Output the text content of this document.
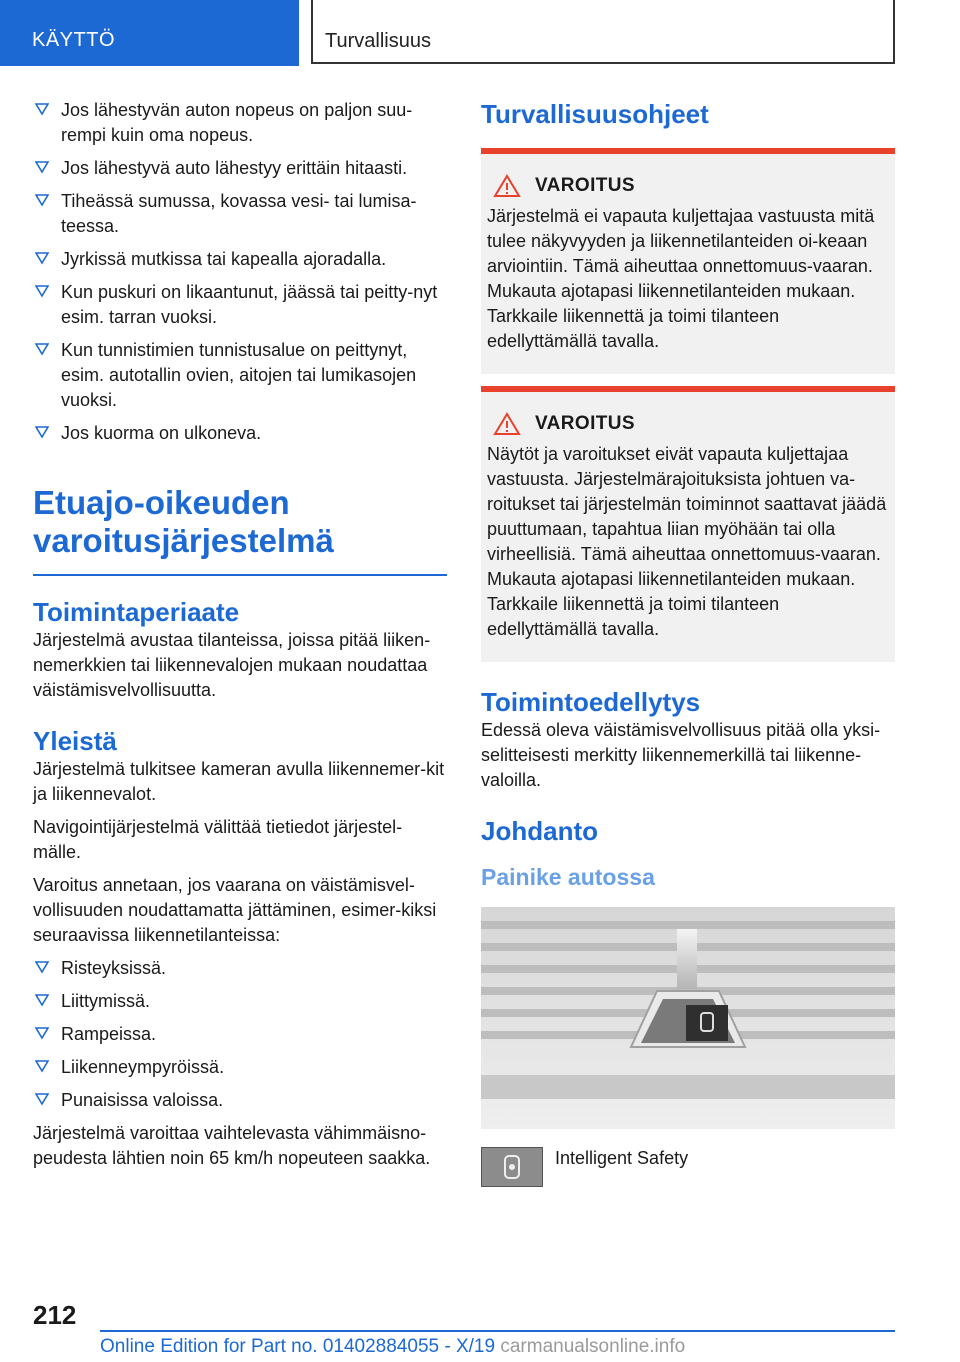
KÄYTTÖ	Turvallisuus
Jos lähestyvän auton nopeus on paljon suu-rempi kuin oma nopeus.
Jos lähestyvä auto lähestyy erittäin hitaasti.
Tiheässä sumussa, kovassa vesi- tai lumisa-teessa.
Jyrkissä mutkissa tai kapealla ajoradalla.
Kun puskuri on likaantunut, jäässä tai peitty-nyt esim. tarran vuoksi.
Kun tunnistimien tunnistusalue on peittynyt, esim. autotallin ovien, aitojen tai lumikasojen vuoksi.
Jos kuorma on ulkoneva.
Etuajo-oikeuden varoitusjärjestelmä
Toimintaperiaate
Järjestelmä avustaa tilanteissa, joissa pitää liiken-nemerkkien tai liikennevalojen mukaan noudattaa väistämisvelvollisuutta.
Yleistä
Järjestelmä tulkitsee kameran avulla liikennemer-kit ja liikennevalot.
Navigointijärjestelmä välittää tietiedot järjestel-mälle.
Varoitus annetaan, jos vaarana on väistämisvel-vollisuuden noudattamatta jättäminen, esimer-kiksi seuraavissa liikennetilanteissa:
Risteyksissä.
Liittymissä.
Rampeissa.
Liikenneympyröissä.
Punaisissa valoissa.
Järjestelmä varoittaa vaihtelevasta vähimmäisno-peudesta lähtien noin 65 km/h nopeuteen saakka.
Turvallisuusohjeet
VAROITUS
Järjestelmä ei vapauta kuljettajaa vastuusta mitä tulee näkyvyyden ja liikennetilanteiden oi-keaan arviointiin. Tämä aiheuttaa onnettomuus-vaaran. Mukauta ajotapasi liikennetilanteiden mukaan. Tarkkaile liikennettä ja toimi tilanteen edellyttämällä tavalla.
VAROITUS
Näytöt ja varoitukset eivät vapauta kuljettajaa vastuusta. Järjestelmärajoituksista johtuen va-roitukset tai järjestelmän toiminnot saattavat jäädä puuttumaan, tapahtua liian myöhään tai olla virheellisiä. Tämä aiheuttaa onnettomuus-vaaran. Mukauta ajotapasi liikennetilanteiden mukaan. Tarkkaile liikennettä ja toimi tilanteen edellyttämällä tavalla.
Toimintoedellytys
Edessä oleva väistämisvelvollisuus pitää olla yksi-selitteisesti merkitty liikennemerkillä tai liikenne-valoilla.
Johdanto
Painike autossa
Intelligent Safety
212
Online Edition for Part no. 01402884055 - X/19 carmanualsonline.info
